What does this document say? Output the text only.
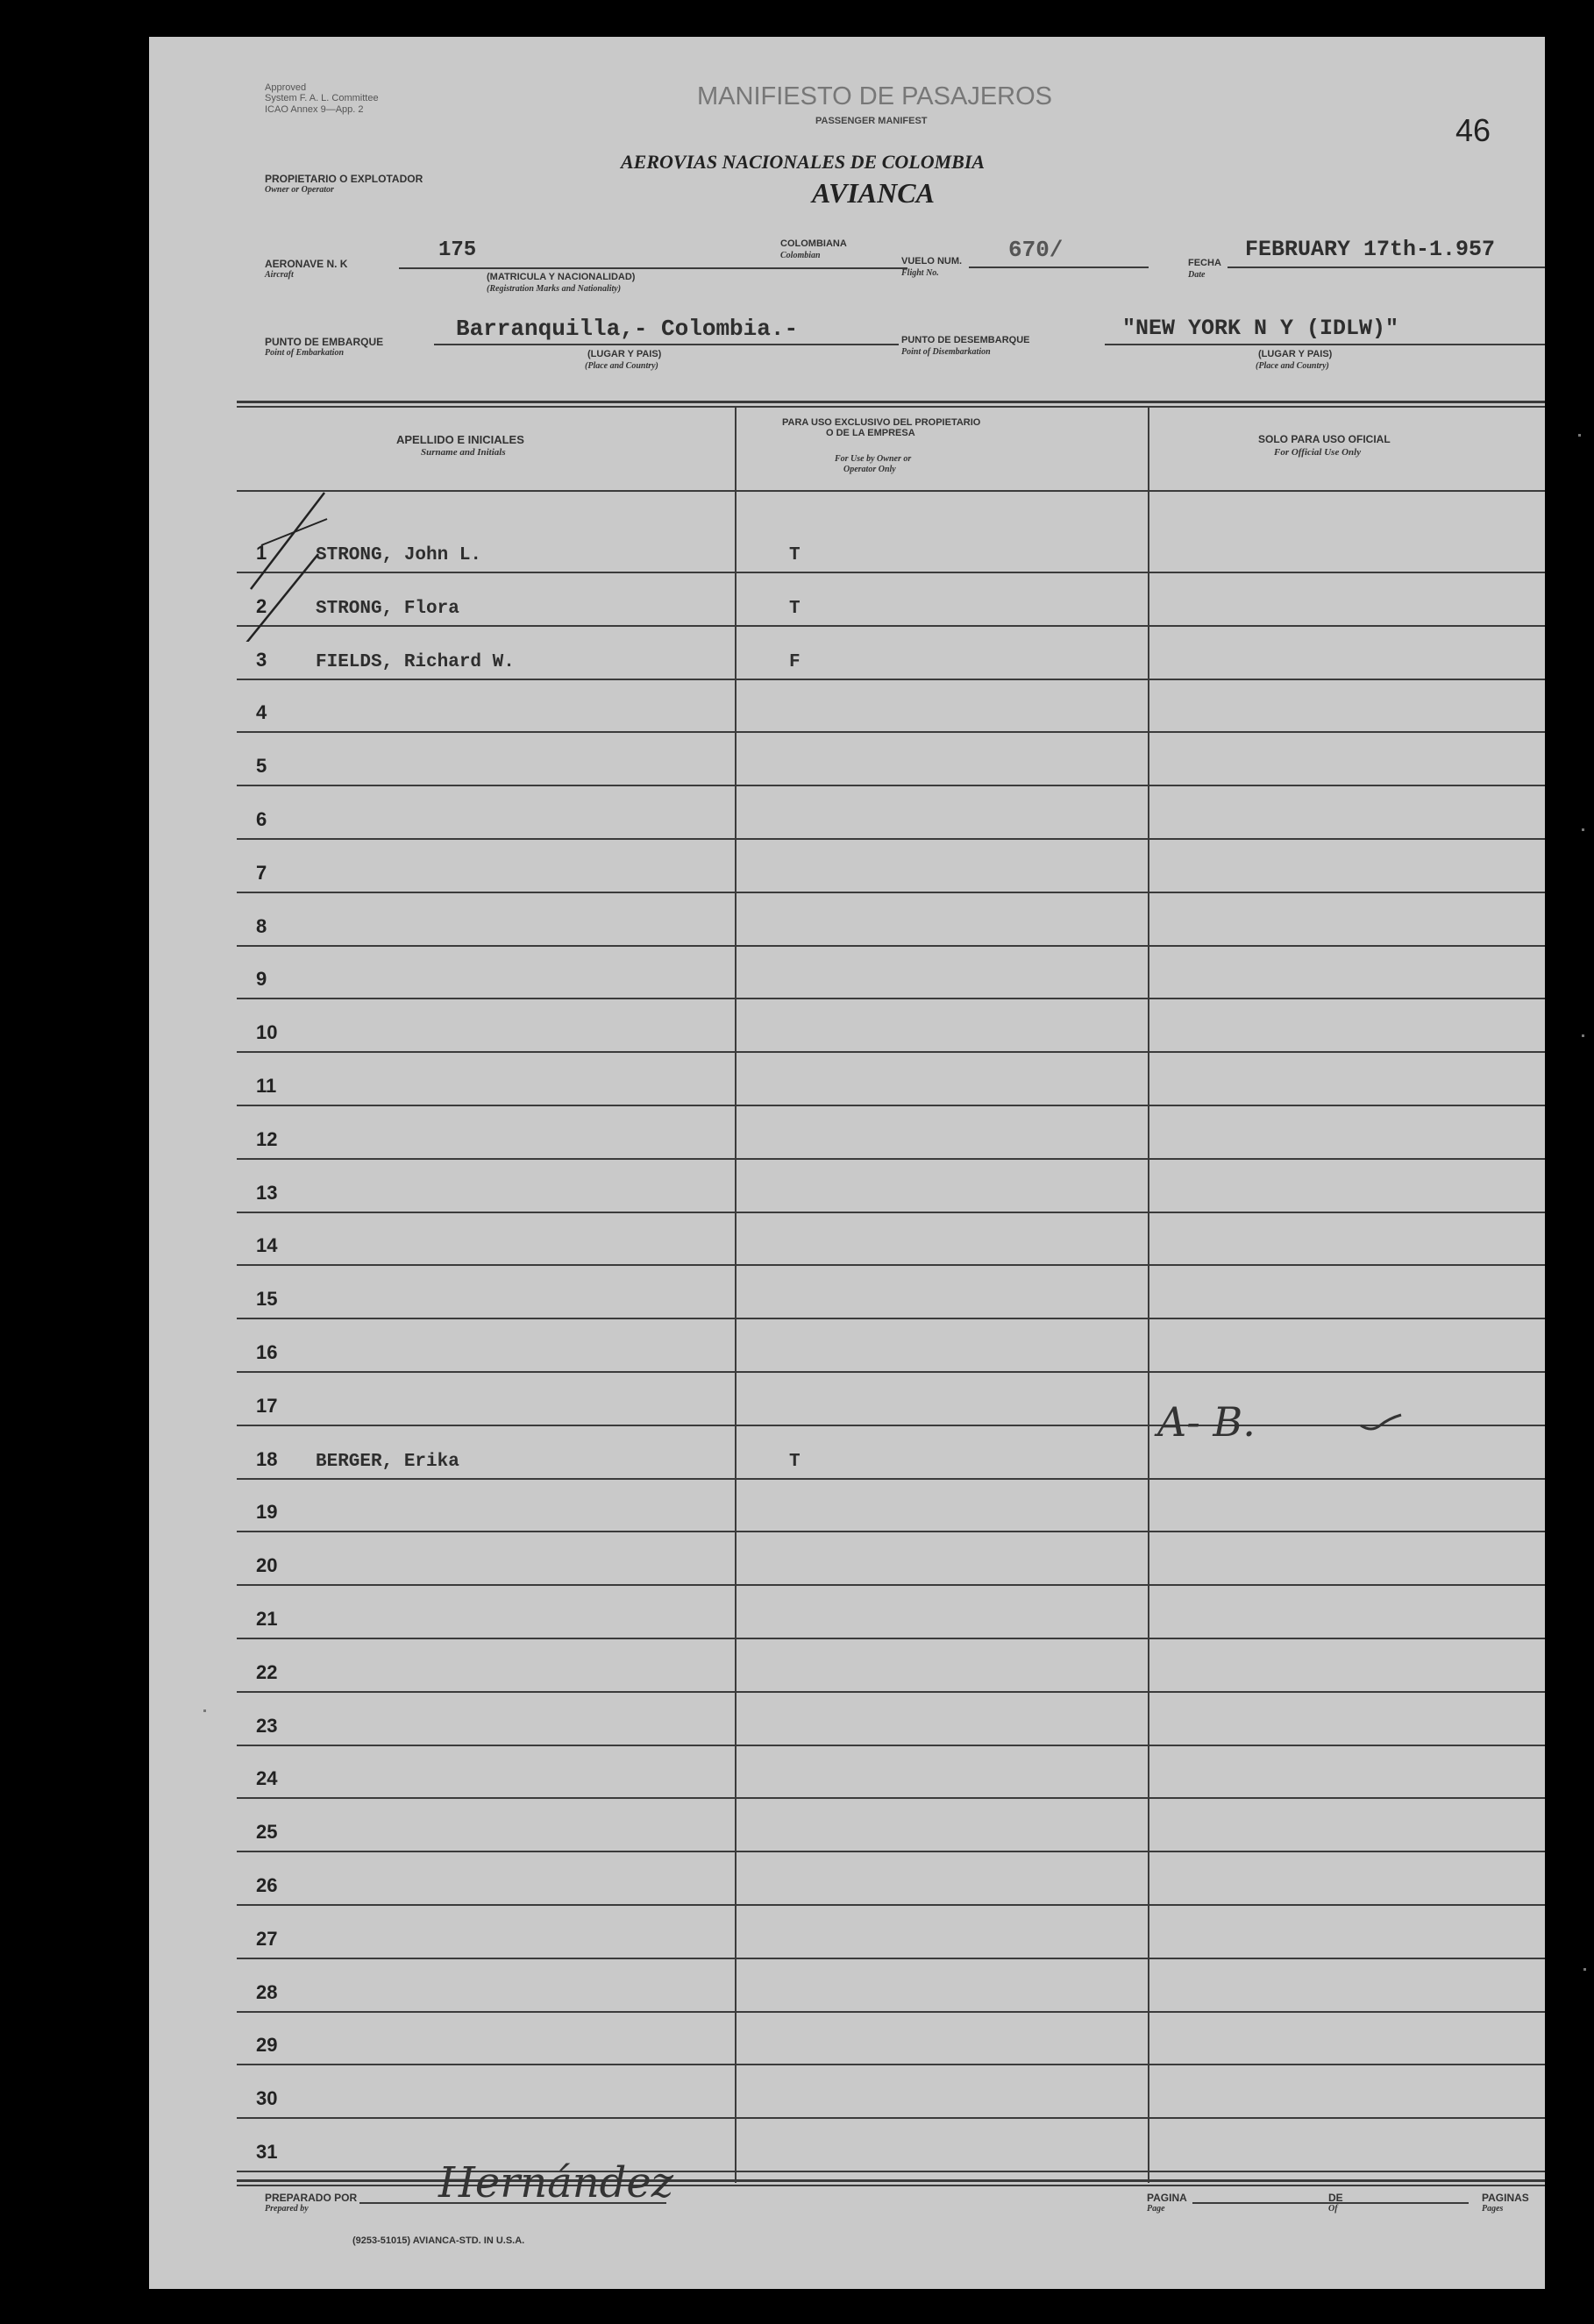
Approved
System F. A. L. Committee
ICAO Annex 9—App. 2	MANIFIESTO DE PASAJEROS
PASSENGER MANIFEST
AEROVIAS NACIONALES DE COLOMBIA
AVIANCA
46
PROPIETARIO O EXPLOTADOR
Owner or Operator
AERONAVE N. K
Aircraft
175
(MATRICULA Y NACIONALIDAD)
(Registration Marks and Nationality)
COLOMBIANA
Colombian
VUELO NUM.
Flight No.
670/	FECHA
Date
FEBRUARY 17th-1.957
PUNTO DE EMBARQUE
Point of Embarkation
Barranquilla,- Colombia.-
(LUGAR Y PAIS)
(Place and Country)
PUNTO DE DESEMBARQUE
Point of Disembarkation
"NEW YORK N Y (IDLW)"
(LUGAR Y PAIS)
(Place and Country)
APELLIDO E INICIALES
Surname and Initials
PARA USO EXCLUSIVO DEL PROPIETARIO
O DE LA EMPRESA
For Use by Owner or
Operator Only
SOLO PARA USO OFICIAL
For Official Use Only
1	STRONG, John L.	T
2	STRONG, Flora	T
3	FIELDS, Richard W.	F
4
5
6
7
8
9
10
11
12
13
14
15
16
17
18	BERGER, Erika	T
19
20
21
22
23
24
25
26
27
28
29
30
31
A- B.
PREPARADO POR
Prepared by
Hernández	PAGINA
Page
DE
Of
PAGINAS
Pages
(9253-51015) AVIANCA-STD. IN U.S.A.
